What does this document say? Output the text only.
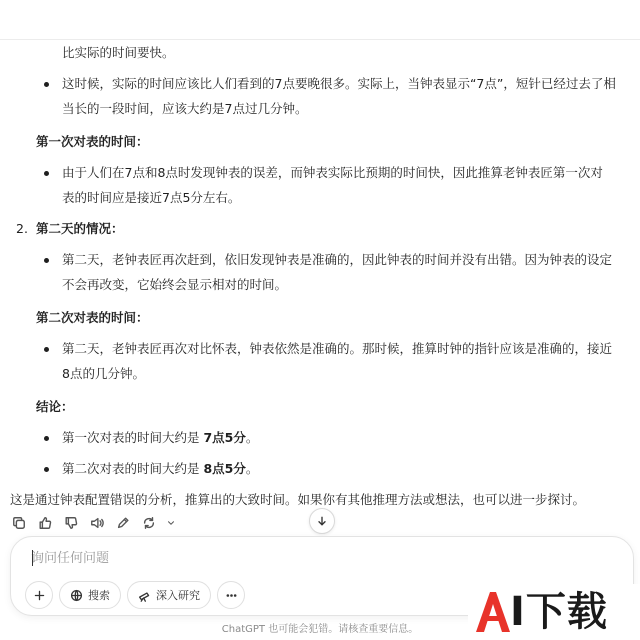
比实际的时间要快。
这时候，实际的时间应该比人们看到的7点要晚很多。实际上，当钟表显示“7点”，短针已经过去了相
当长的一段时间，应该大约是7点过几分钟。
第一次对表的时间：
由于人们在7点和8点时发现钟表的误差，而钟表实际比预期的时间快，因此推算老钟表匠第一次对
表的时间应是接近7点5分左右。
2. 第二天的情况：
第二天，老钟表匠再次赶到，依旧发现钟表是准确的，因此钟表的时间并没有出错。因为钟表的设定
不会再改变，它始终会显示相对的时间。
第二次对表的时间：
第二天，老钟表匠再次对比怀表，钟表依然是准确的。那时候，推算时钟的指针应该是准确的，接近
8点的几分钟。
结论：
第一次对表的时间大约是 7点5分。
第二次对表的时间大约是 8点5分。
这是通过钟表配置错误的分析，推算出的大致时间。如果你有其他推理方法或想法，也可以进一步探讨。
询问任何问题
搜索	深入研究
ChatGPT 也可能会犯错。请核查重要信息。	I下载
